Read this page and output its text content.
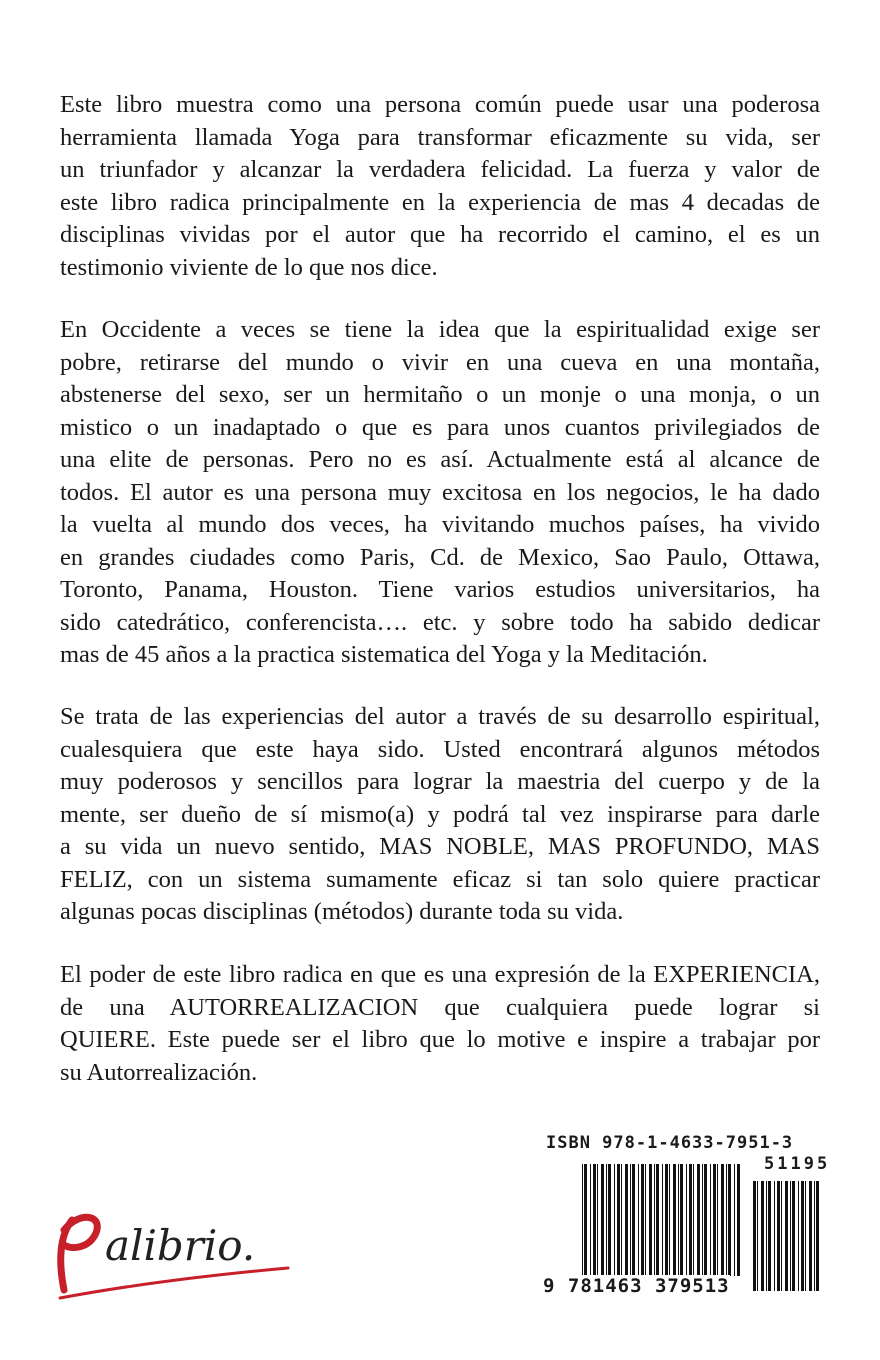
Este libro muestra como una persona común puede usar una poderosa
herramienta llamada Yoga para transformar eficazmente su vida, ser
un triunfador y alcanzar la verdadera felicidad. La fuerza y valor de
este libro radica principalmente en la experiencia de mas 4 decadas de
disciplinas vividas por el autor que ha recorrido el camino, el es un
testimonio viviente de lo que nos dice.
En Occidente a veces se tiene la idea que la espiritualidad exige ser
pobre, retirarse del mundo o vivir en una cueva en una montaña,
abstenerse del sexo, ser un hermitaño o un monje o una monja, o un
mistico o un inadaptado o que es para unos cuantos privilegiados de
una elite de personas. Pero no es así. Actualmente está al alcance de
todos. El autor es una persona muy excitosa en los negocios, le ha dado
la vuelta al mundo dos veces, ha vivitando muchos países, ha vivido
en grandes ciudades como Paris, Cd. de Mexico, Sao Paulo, Ottawa,
Toronto, Panama, Houston. Tiene varios estudios universitarios, ha
sido catedrático, conferencista…. etc. y sobre todo ha sabido dedicar
mas de 45 años a la practica sistematica del Yoga y la Meditación.
Se trata de las experiencias del autor a través de su desarrollo espiritual,
cualesquiera que este haya sido. Usted encontrará algunos métodos
muy poderosos y sencillos para lograr la maestria del cuerpo y de la
mente, ser dueño de sí mismo(a) y podrá tal vez inspirarse para darle
a su vida un nuevo sentido, MAS NOBLE, MAS PROFUNDO, MAS
FELIZ, con un sistema sumamente eficaz si tan solo quiere practicar
algunas pocas disciplinas (métodos) durante toda su vida.
El poder de este libro radica en que es una expresión de la EXPERIENCIA,
de una AUTORREALIZACION que cualquiera puede lograr si
QUIERE. Este puede ser el libro que lo motive e inspire a trabajar por
su Autorrealización.
ISBN 978-1-4633-7951-3
51195
9 781463 379513
alibrio.
